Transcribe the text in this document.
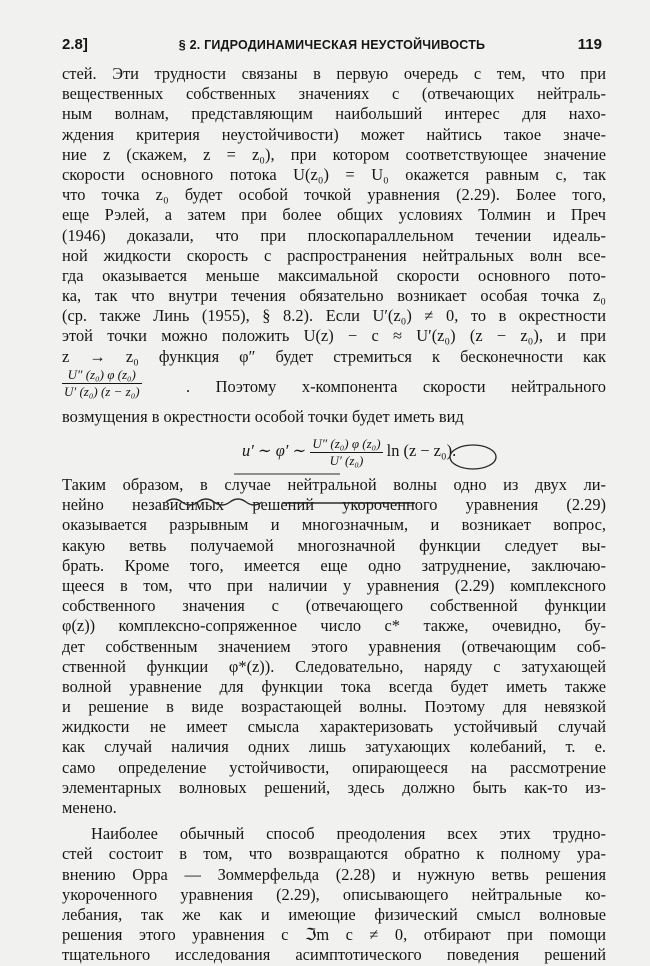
2.8]	§ 2. ГИДРОДИНАМИЧЕСКАЯ НЕУСТОЙЧИВОСТЬ	119
стей. Эти трудности связаны в первую очередь с тем, что при
вещественных собственных значениях c (отвечающих нейтраль-
ным волнам, представляющим наибольший интерес для нахо-
ждения критерия неустойчивости) может найтись такое значе-
ние z (скажем, z = z₀), при котором соответствующее значение
скорости основного потока U(z₀) = U₀ окажется равным c, так
что точка z₀ будет особой точкой уравнения (2.29). Более того,
еще Рэлей, а затем при более общих условиях Толмин и Преч
(1946) доказали, что при плоскопараллельном течении идеаль-
ной жидкости скорость c распространения нейтральных волн все-
гда оказывается меньше максимальной скорости основного пото-
ка, так что внутри течения обязательно возникает особая точка z₀
(ср. также Линь (1955), § 8.2). Если U′(z₀) ≠ 0, то в окрестности
этой точки можно положить U(z) − c ≈ U′(z₀) (z − z₀), и при
z → z₀ функция φ″ будет стремиться к бесконечности как
$\frac{\text{U″ (z₀) φ (z₀)}}{\text{U′ (z₀) (z − z₀)}}$	. Поэтому x-компонента скорости нейтрального
возмущения в окрестности особой точки будет иметь вид
u′ ∼ φ′ ∼ $\frac{\text{U″ (z₀) φ (z₀)}}{\text{U′ (z₀)}}$ ln (z − z₀).
Таким образом, в случае нейтральной волны одно из двух ли-
нейно независимых решений укороченного уравнения (2.29)
оказывается разрывным и многозначным, и возникает вопрос,
какую ветвь получаемой многозначной функции следует вы-
брать. Кроме того, имеется еще одно затруднение, заключаю-
щееся в том, что при наличии у уравнения (2.29) комплексного
собственного значения c (отвечающего собственной функции
φ(z)) комплексно-сопряженное число c* также, очевидно, бу-
дет собственным значением этого уравнения (отвечающим соб-
ственной функции φ*(z)). Следовательно, наряду с затухающей
волной уравнение для функции тока всегда будет иметь также
и решение в виде возрастающей волны. Поэтому для невязкой
жидкости не имеет смысла характеризовать устойчивый случай
как случай наличия одних лишь затухающих колебаний, т. е.
само определение устойчивости, опирающееся на рассмотрение
элементарных волновых решений, здесь должно быть как-то из-
менено.
Наиболее обычный способ преодоления всех этих трудно-
стей состоит в том, что возвращаются обратно к полному ура-
внению Орра — Зоммерфельда (2.28) и нужную ветвь решения
укороченного уравнения (2.29), описывающего нейтральные ко-
лебания, так же как и имеющие физический смысл волновые
решения этого уравнения с ℑm c ≠ 0, отбирают при помощи
тщательного исследования асимптотического поведения решений
